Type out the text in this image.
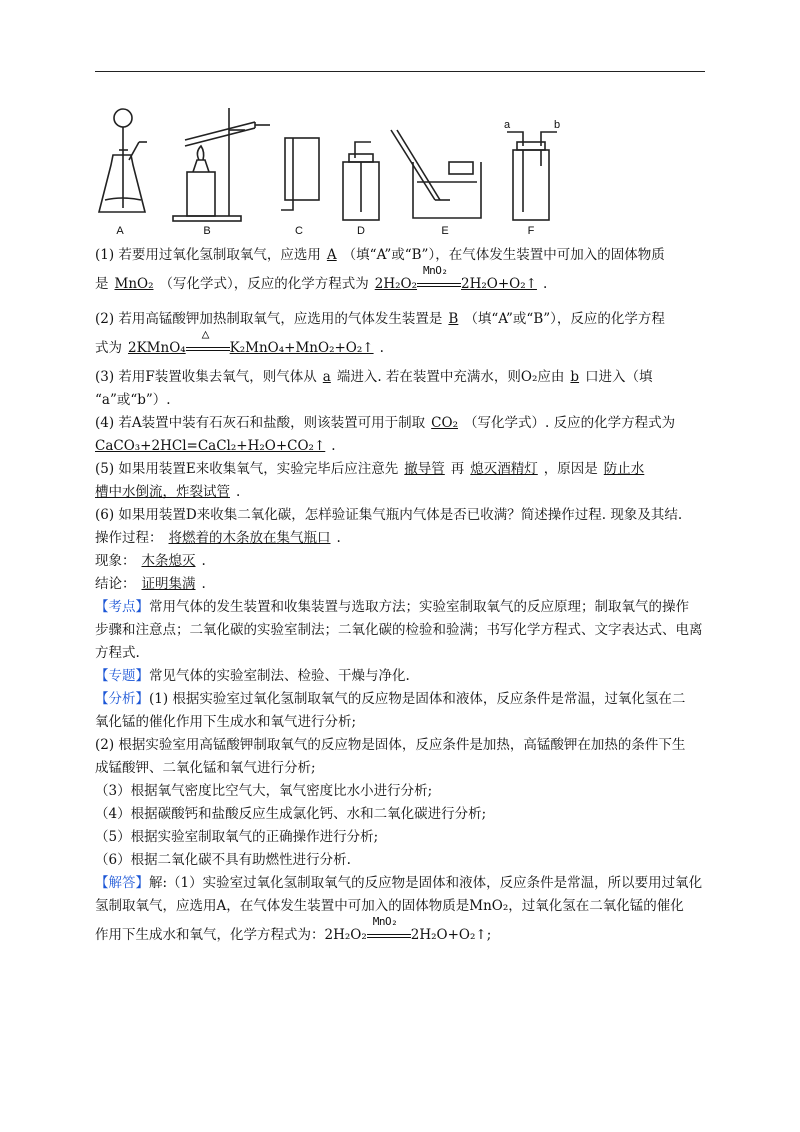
A	B	C	D	E	F
a	b
(1) 若要用过氧化氢制取氧气，应选用 A （填“A”或“B”），在气体发生装置中可加入的固体物质
是 MnO₂ （写化学式），反应的化学方程式为 2H₂O₂
MnO₂
2H₂O+O₂↑ .
(2) 若用高锰酸钾加热制取氧气，应选用的气体发生装置是 B （填“A”或“B”），反应的化学方程
式为 2KMnO₄
△
K₂MnO₄+MnO₂+O₂↑ .
(3) 若用F装置收集去氧气，则气体从 a 端进入. 若在装置中充满水，则O₂应由 b 口进入（填
“a”或“b”）.
(4) 若A装置中装有石灰石和盐酸，则该装置可用于制取 CO₂ （写化学式）. 反应的化学方程式为
CaCO₃+2HCl=CaCl₂+H₂O+CO₂↑ .
(5) 如果用装置E来收集氧气，实验完毕后应注意先 撤导管 再 熄灭酒精灯 ，原因是 防止水
槽中水倒流，炸裂试管 .
(6) 如果用装置D来收集二氧化碳，怎样验证集气瓶内气体是否已收满？简述操作过程. 现象及其结.
操作过程： 将燃着的木条放在集气瓶口 .
现象： 木条熄灭 .
结论： 证明集满 .
【考点】常用气体的发生装置和收集装置与选取方法；实验室制取氧气的反应原理；制取氧气的操作
步骤和注意点；二氧化碳的实验室制法；二氧化碳的检验和验满；书写化学方程式、文字表达式、电离
方程式.
【专题】常见气体的实验室制法、检验、干燥与净化.
【分析】(1) 根据实验室过氧化氢制取氧气的反应物是固体和液体，反应条件是常温，过氧化氢在二
氧化锰的催化作用下生成水和氧气进行分析;
(2) 根据实验室用高锰酸钾制取氧气的反应物是固体，反应条件是加热，高锰酸钾在加热的条件下生
成锰酸钾、二氧化锰和氧气进行分析;
（3）根据氧气密度比空气大，氧气密度比水小进行分析;
（4）根据碳酸钙和盐酸反应生成氯化钙、水和二氧化碳进行分析;
（5）根据实验室制取氧气的正确操作进行分析;
（6）根据二氧化碳不具有助燃性进行分析.
【解答】解:（1）实验室过氧化氢制取氧气的反应物是固体和液体，反应条件是常温，所以要用过氧化
氢制取氧气，应选用A，在气体发生装置中可加入的固体物质是MnO₂，过氧化氢在二氧化锰的催化
作用下生成水和氧气，化学方程式为：2H₂O₂
MnO₂
2H₂O+O₂↑;
